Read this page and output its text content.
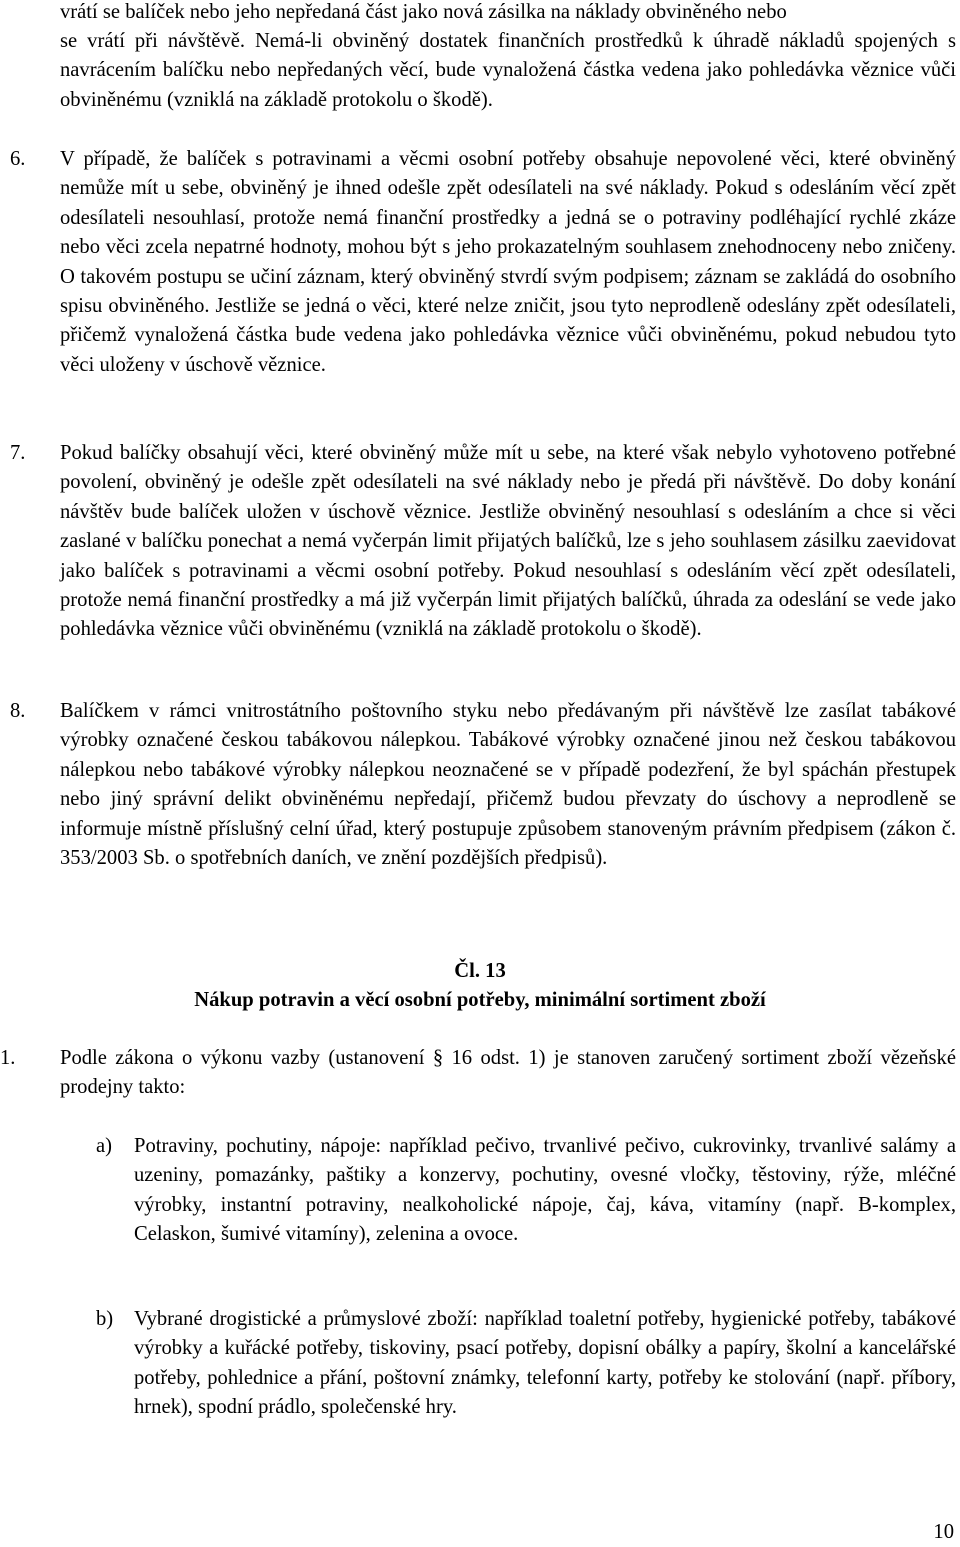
vrátí se balíček nebo jeho nepředaná část jako nová zásilka na náklady obviněného nebo

se vrátí při návštěvě. Nemá-li obviněný dostatek finančních prostředků k úhradě nákladů spojených s navrácením balíčku nebo nepředaných věcí, bude vynaložená částka vedena jako pohledávka věznice vůči obviněnému (vzniklá na základě protokolu o škodě).

6.	V případě, že balíček s potravinami a věcmi osobní potřeby obsahuje nepovolené věci, které obviněný nemůže mít u sebe, obviněný je ihned odešle zpět odesílateli na své náklady. Pokud s odesláním věcí zpět odesílateli nesouhlasí, protože nemá finanční prostředky a jedná se o potraviny podléhající rychlé zkáze nebo věci zcela nepatrné hodnoty, mohou být s jeho prokazatelným souhlasem znehodnoceny nebo zničeny. O takovém postupu se učiní záznam, který obviněný stvrdí svým podpisem; záznam se zakládá do osobního spisu obviněného. Jestliže se jedná o věci, které nelze zničit, jsou tyto neprodleně odeslány zpět odesílateli, přičemž vynaložená částka bude vedena jako pohledávka věznice vůči obviněnému, pokud nebudou tyto věci uloženy v úschově věznice.
7.	Pokud balíčky obsahují věci, které obviněný může mít u sebe, na které však nebylo vyhotoveno potřebné povolení, obviněný je odešle zpět odesílateli na své náklady nebo je předá při návštěvě. Do doby konání návštěv bude balíček uložen v úschově věznice. Jestliže obviněný nesouhlasí s odesláním a chce si věci zaslané v balíčku ponechat a nemá vyčerpán limit přijatých balíčků, lze s jeho souhlasem zásilku zaevidovat jako balíček s potravinami a věcmi osobní potřeby. Pokud nesouhlasí s odesláním věcí zpět odesílateli, protože nemá finanční prostředky a má již vyčerpán limit přijatých balíčků, úhrada za odeslání se vede jako pohledávka věznice vůči obviněnému (vzniklá na základě protokolu o škodě).
8.	Balíčkem v rámci vnitrostátního poštovního styku nebo předávaným při návštěvě lze zasílat tabákové výrobky označené českou tabákovou nálepkou. Tabákové výrobky označené jinou než českou tabákovou nálepkou nebo tabákové výrobky nálepkou neoznačené se v případě podezření, že byl spáchán přestupek nebo jiný správní delikt obviněnému nepředají, přičemž budou převzaty do úschovy a neprodleně se informuje místně příslušný celní úřad, který postupuje způsobem stanoveným právním předpisem (zákon č. 353/2003 Sb. o spotřebních daních, ve znění pozdějších předpisů).

Čl. 13

Nákup potravin a věcí osobní potřeby, minimální sortiment zboží

1.	Podle zákona o výkonu vazby (ustanovení § 16 odst. 1) je stanoven zaručený sortiment zboží vězeňské prodejny takto:
a)	Potraviny, pochutiny, nápoje: například pečivo, trvanlivé pečivo, cukrovinky, trvanlivé salámy a uzeniny, pomazánky, paštiky a konzervy, pochutiny, ovesné vločky, těstoviny, rýže, mléčné výrobky, instantní potraviny, nealkoholické nápoje, čaj, káva, vitamíny (např. B-komplex, Celaskon, šumivé vitamíny), zelenina a ovoce.
b)	Vybrané drogistické a průmyslové zboží: například toaletní potřeby, hygienické potřeby, tabákové výrobky a kuřácké potřeby, tiskoviny, psací potřeby, dopisní obálky a papíry, školní a kancelářské potřeby, pohlednice a přání, poštovní známky, telefonní karty, potřeby ke stolování (např. příbory, hrnek), spodní prádlo, společenské hry.
10
